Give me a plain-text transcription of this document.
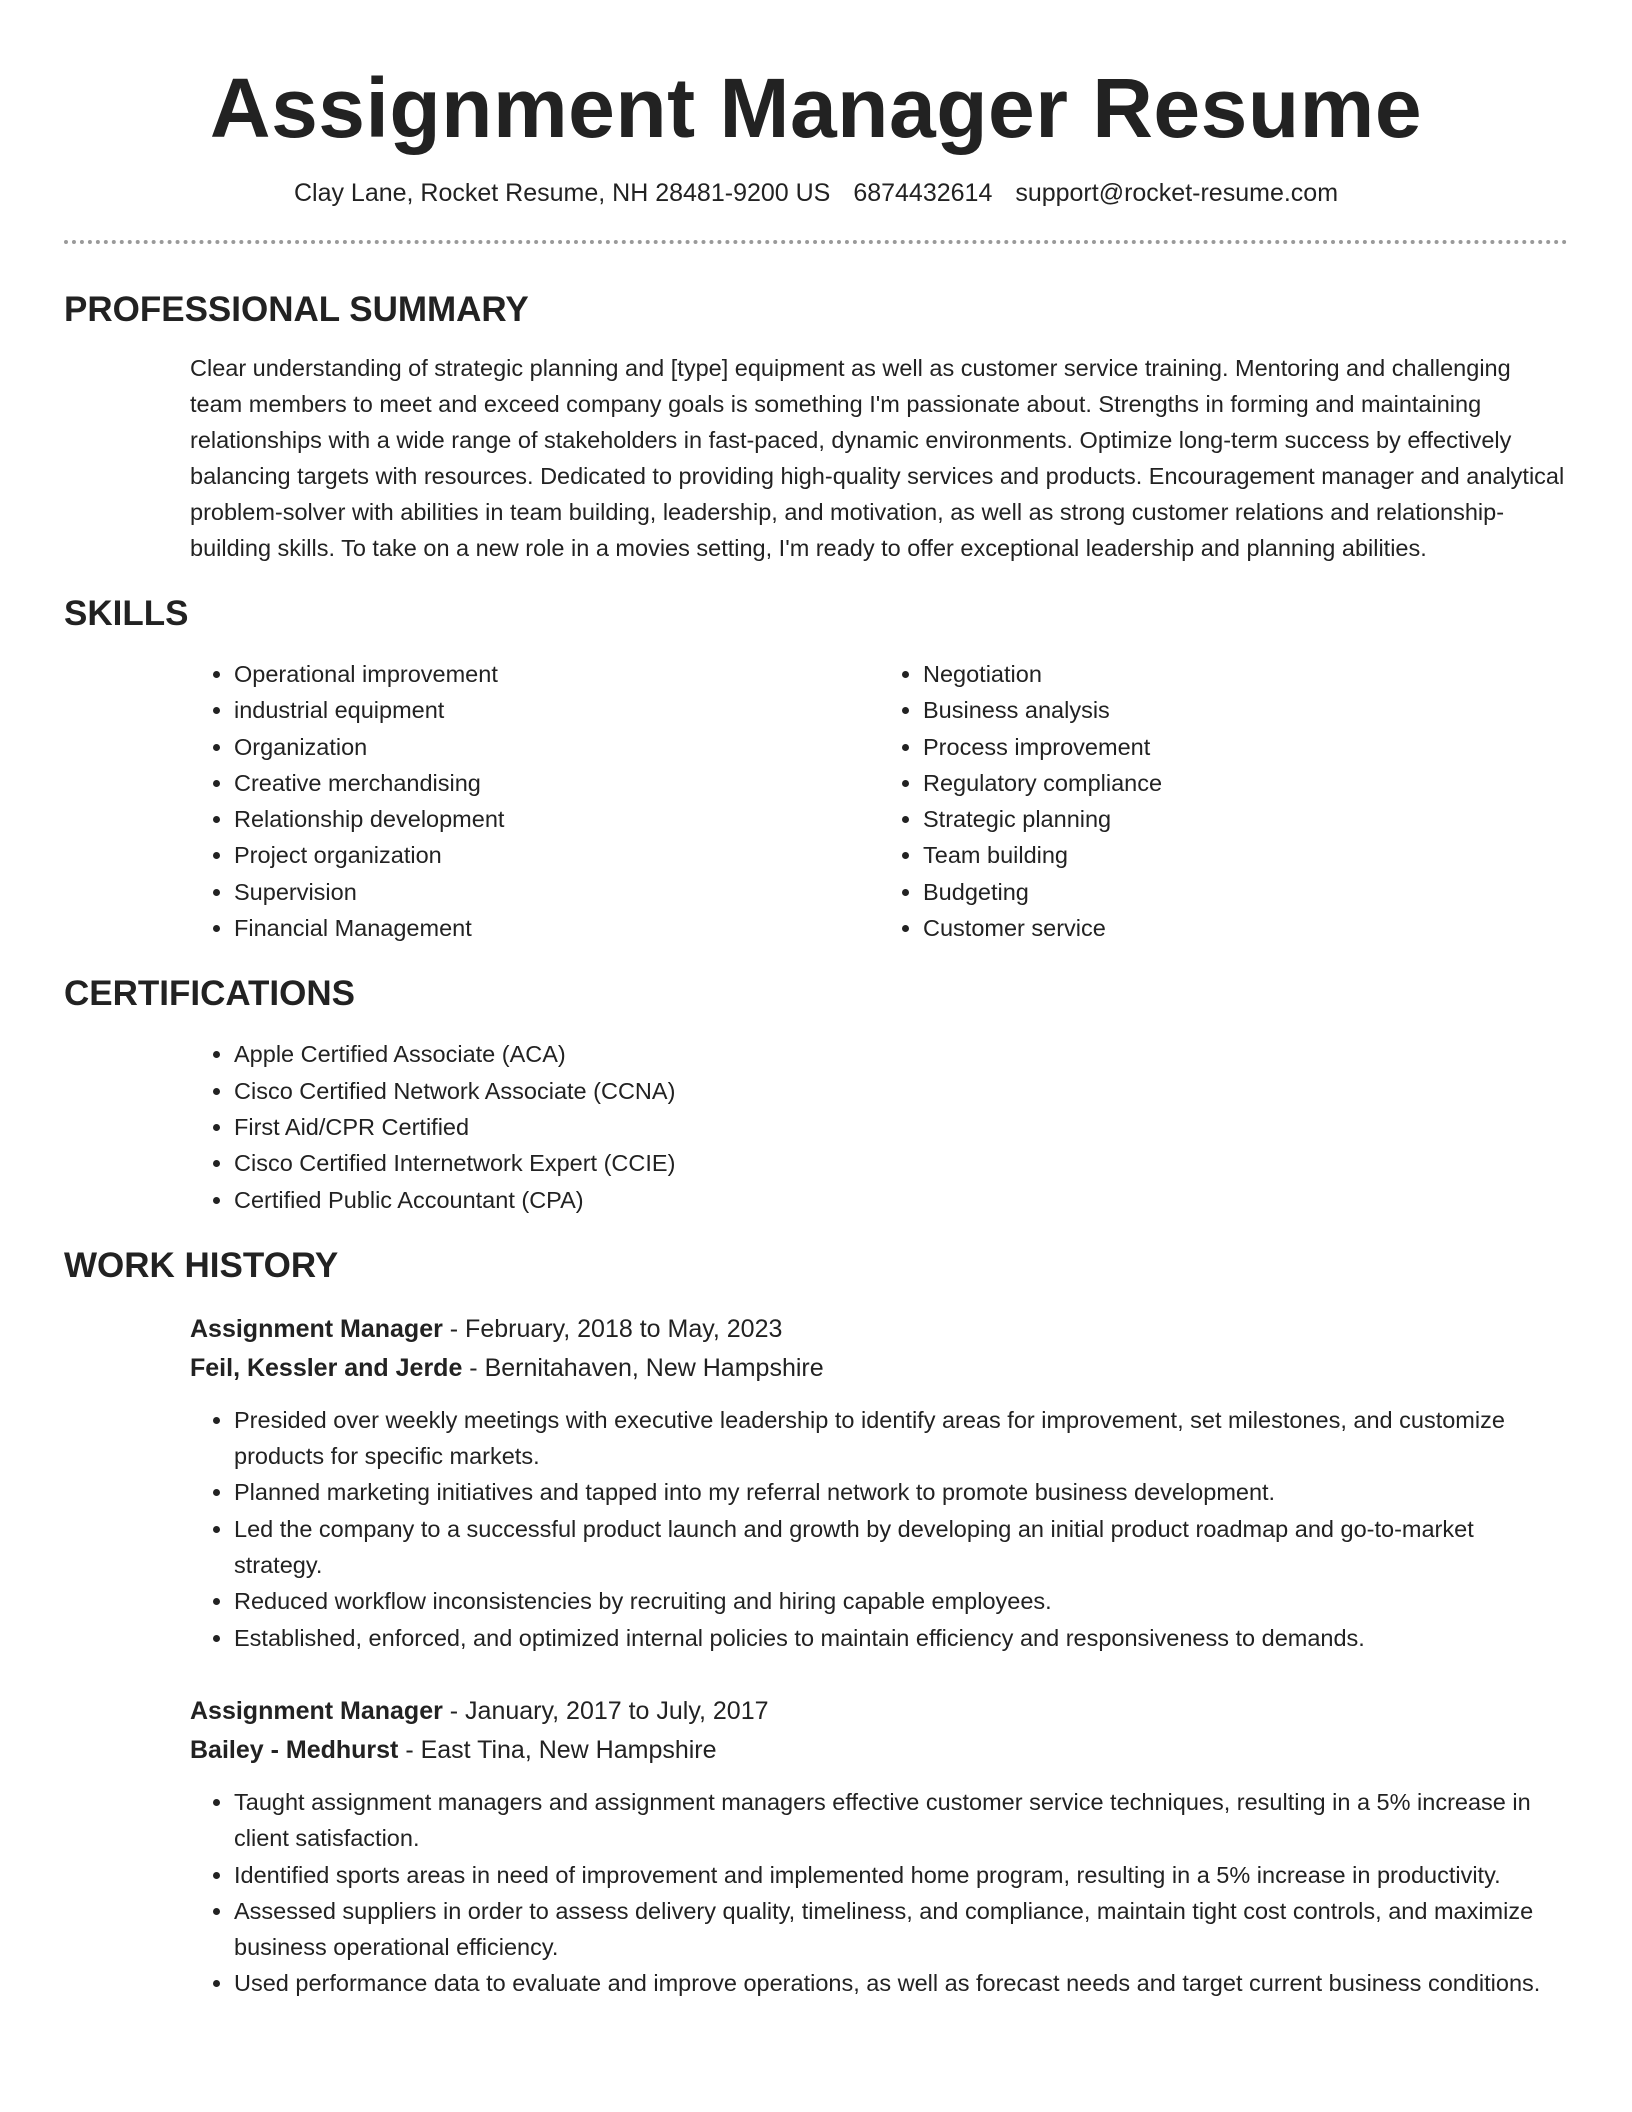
Assignment Manager Resume
Clay Lane, Rocket Resume, NH 28481-9200 US 6874432614 support@rocket-resume.com
PROFESSIONAL SUMMARY

Clear understanding of strategic planning and [type] equipment as well as customer service training. Mentoring and challenging team members to meet and exceed company goals is something I'm passionate about. Strengths in forming and maintaining relationships with a wide range of stakeholders in fast-paced, dynamic environments. Optimize long-term success by effectively balancing targets with resources. Dedicated to providing high-quality services and products. Encouragement manager and analytical problem-solver with abilities in team building, leadership, and motivation, as well as strong customer relations and relationship-building skills. To take on a new role in a movies setting, I'm ready to offer exceptional leadership and planning abilities.

SKILLS
• Operational improvement
• industrial equipment
• Organization
• Creative merchandising
• Relationship development
• Project organization
• Supervision
• Financial Management
• Negotiation
• Business analysis
• Process improvement
• Regulatory compliance
• Strategic planning
• Team building
• Budgeting
• Customer service
CERTIFICATIONS
• Apple Certified Associate (ACA)
• Cisco Certified Network Associate (CCNA)
• First Aid/CPR Certified
• Cisco Certified Internetwork Expert (CCIE)
• Certified Public Accountant (CPA)
WORK HISTORY
Assignment Manager - February, 2018 to May, 2023
Feil, Kessler and Jerde - Bernitahaven, New Hampshire
• Presided over weekly meetings with executive leadership to identify areas for improvement, set milestones, and customize products for specific markets.
• Planned marketing initiatives and tapped into my referral network to promote business development.
• Led the company to a successful product launch and growth by developing an initial product roadmap and go-to-market strategy.
• Reduced workflow inconsistencies by recruiting and hiring capable employees.
• Established, enforced, and optimized internal policies to maintain efficiency and responsiveness to demands.
Assignment Manager - January, 2017 to July, 2017
Bailey - Medhurst - East Tina, New Hampshire
• Taught assignment managers and assignment managers effective customer service techniques, resulting in a 5% increase in client satisfaction.
• Identified sports areas in need of improvement and implemented home program, resulting in a 5% increase in productivity.
• Assessed suppliers in order to assess delivery quality, timeliness, and compliance, maintain tight cost controls, and maximize business operational efficiency.
• Used performance data to evaluate and improve operations, as well as forecast needs and target current business conditions.
